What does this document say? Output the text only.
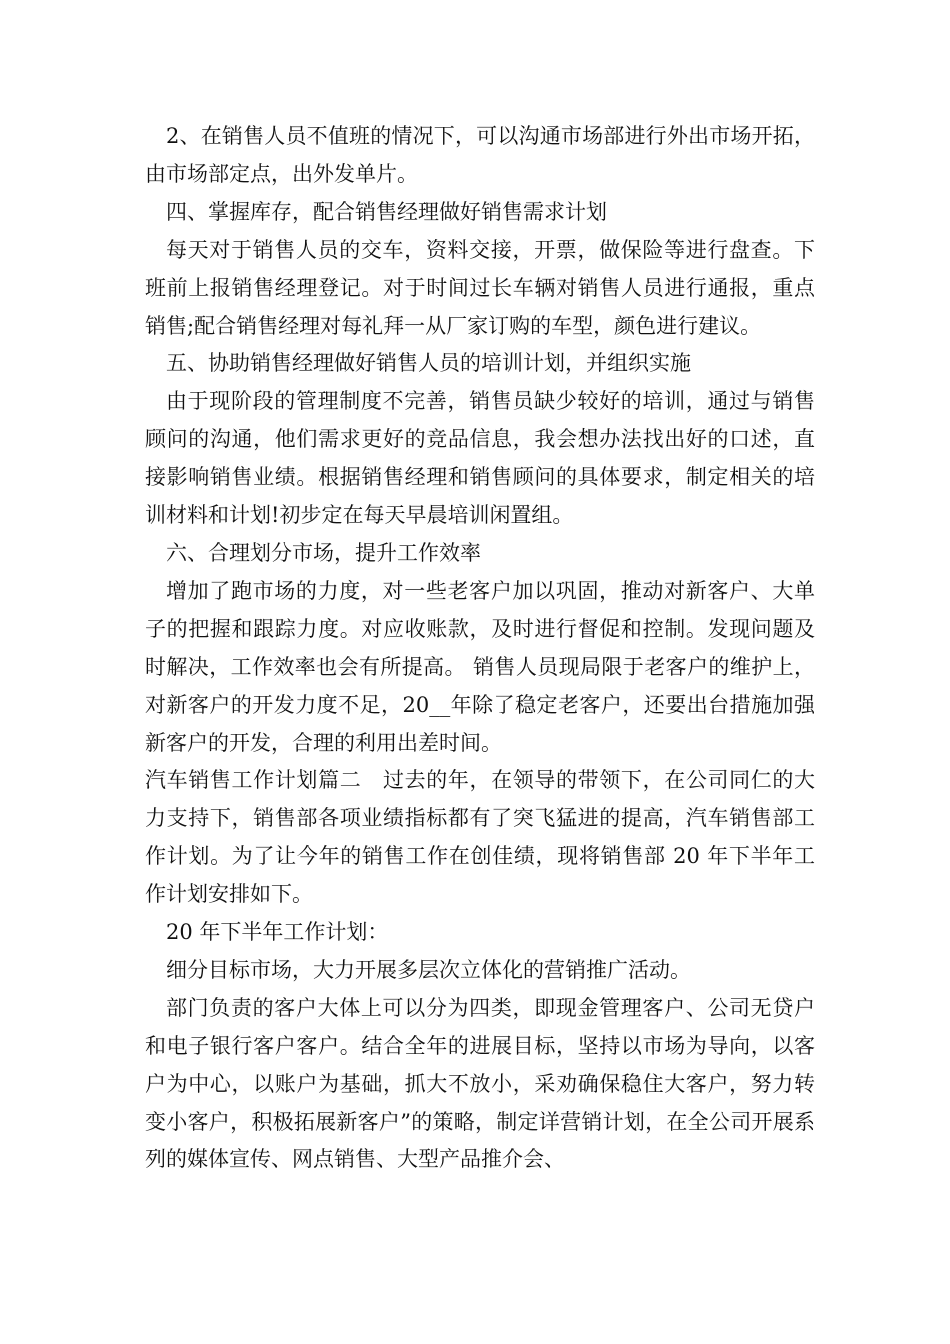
2、在销售人员不值班的情况下，可以沟通市场部进行外出市场开拓，由市场部定点，出外发单片。

四、掌握库存，配合销售经理做好销售需求计划

每天对于销售人员的交车，资料交接，开票，做保险等进行盘查。下班前上报销售经理登记。对于时间过长车辆对销售人员进行通报，重点销售;配合销售经理对每礼拜一从厂家订购的车型，颜色进行建议。

五、协助销售经理做好销售人员的培训计划，并组织实施

由于现阶段的管理制度不完善，销售员缺少较好的培训，通过与销售顾问的沟通，他们需求更好的竞品信息，我会想办法找出好的口述，直接影响销售业绩。根据销售经理和销售顾问的具体要求，制定相关的培训材料和计划!初步定在每天早晨培训闲置组。

六、合理划分市场，提升工作效率

增加了跑市场的力度，对一些老客户加以巩固，推动对新客户、大单子的把握和跟踪力度。对应收账款，及时进行督促和控制。发现问题及时解决，工作效率也会有所提高。 销售人员现局限于老客户的维护上，对新客户的开发力度不足，20__年除了稳定老客户，还要出台措施加强新客户的开发，合理的利用出差时间。

汽车销售工作计划篇二　过去的年，在领导的带领下，在公司同仁的大力支持下，销售部各项业绩指标都有了突飞猛进的提高，汽车销售部工作计划。为了让今年的销售工作在创佳绩，现将销售部 20 年下半年工作计划安排如下。

20 年下半年工作计划：

细分目标市场，大力开展多层次立体化的营销推广活动。

部门负责的客户大体上可以分为四类，即现金管理客户、公司无贷户和电子银行客户客户。结合全年的进展目标，坚持以市场为导向，以客户为中心，以账户为基础，抓大不放小，采劝确保稳住大客户，努力转变小客户，积极拓展新客户”的策略，制定详营销计划，在全公司开展系列的媒体宣传、网点销售、大型产品推介会、
